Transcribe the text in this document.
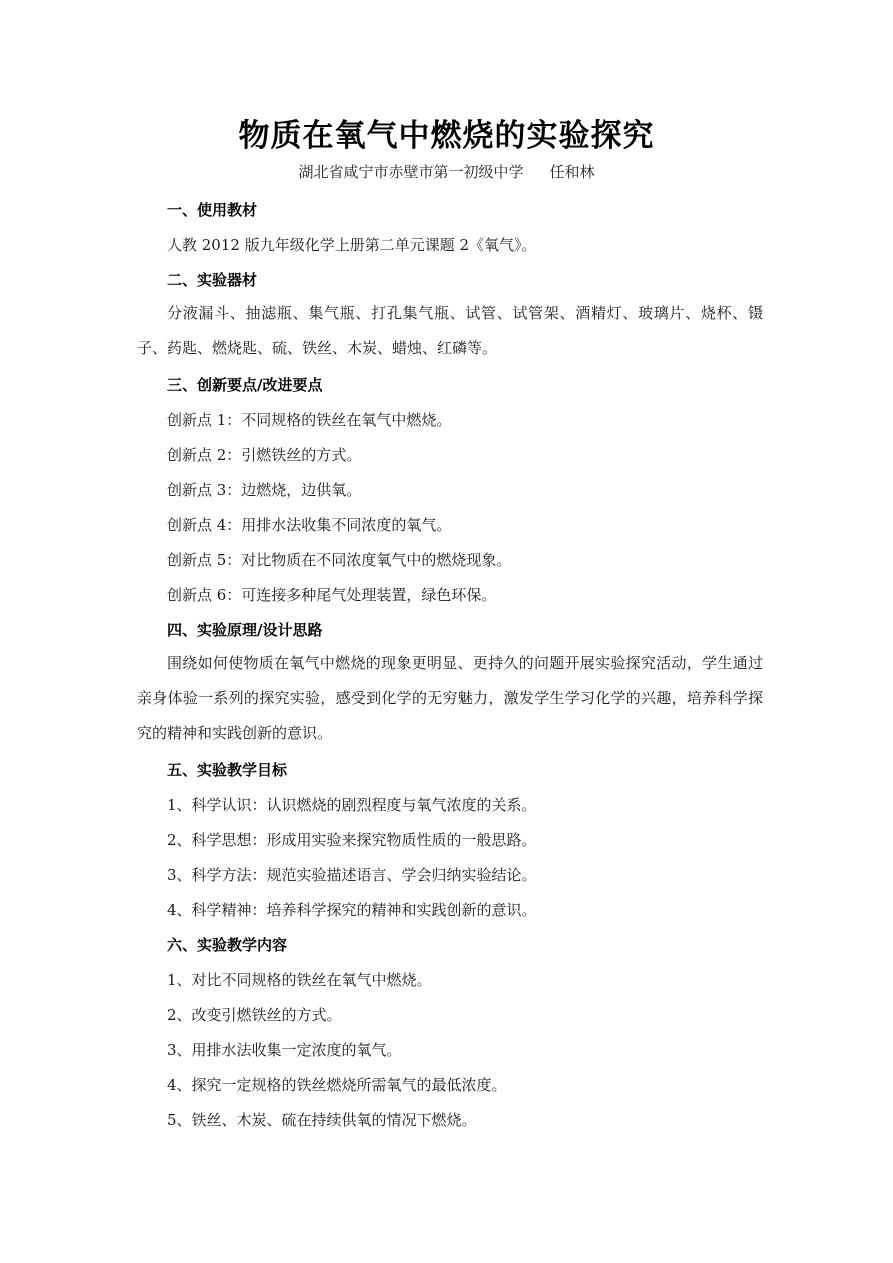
物质在氧气中燃烧的实验探究
湖北省咸宁市赤壁市第一初级中学 任和林
一、使用教材
人教 2012 版九年级化学上册第二单元课题 2《氧气》。
二、实验器材
分液漏斗、抽滤瓶、集气瓶、打孔集气瓶、试管、试管架、酒精灯、玻璃片、烧杯、镊子、药匙、燃烧匙、硫、铁丝、木炭、蜡烛、红磷等。
三、创新要点/改进要点
创新点 1：不同规格的铁丝在氧气中燃烧。
创新点 2：引燃铁丝的方式。
创新点 3：边燃烧，边供氧。
创新点 4：用排水法收集不同浓度的氧气。
创新点 5：对比物质在不同浓度氧气中的燃烧现象。
创新点 6：可连接多种尾气处理装置，绿色环保。
四、实验原理/设计思路
围绕如何使物质在氧气中燃烧的现象更明显、更持久的问题开展实验探究活动，学生通过亲身体验一系列的探究实验，感受到化学的无穷魅力，激发学生学习化学的兴趣，培养科学探究的精神和实践创新的意识。
五、实验教学目标
1、科学认识：认识燃烧的剧烈程度与氧气浓度的关系。
2、科学思想：形成用实验来探究物质性质的一般思路。
3、科学方法：规范实验描述语言、学会归纳实验结论。
4、科学精神：培养科学探究的精神和实践创新的意识。
六、实验教学内容
1、对比不同规格的铁丝在氧气中燃烧。
2、改变引燃铁丝的方式。
3、用排水法收集一定浓度的氧气。
4、探究一定规格的铁丝燃烧所需氧气的最低浓度。
5、铁丝、木炭、硫在持续供氧的情况下燃烧。
